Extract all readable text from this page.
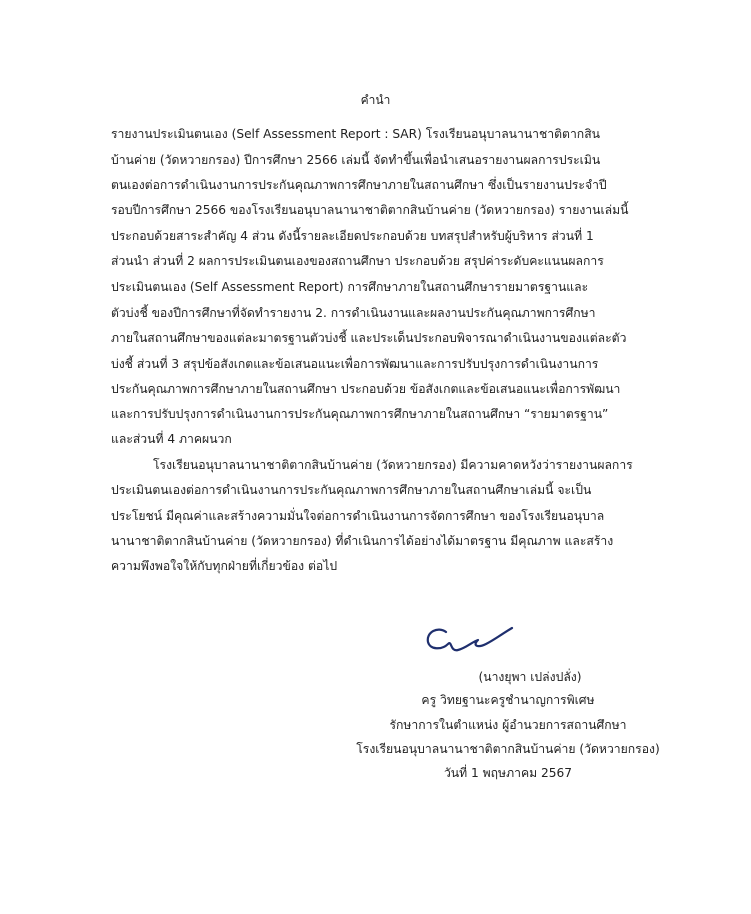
คำนำ
รายงานประเมินตนเอง (Self Assessment Report : SAR) โรงเรียนอนุบาลนานาชาติตากสิน
บ้านค่าย (วัดหวายกรอง) ปีการศึกษา 2566 เล่มนี้ จัดทำขึ้นเพื่อนำเสนอรายงานผลการประเมิน
ตนเองต่อการดำเนินงานการประกันคุณภาพการศึกษาภายในสถานศึกษา ซึ่งเป็นรายงานประจำปี
รอบปีการศึกษา 2566 ของโรงเรียนอนุบาลนานาชาติตากสินบ้านค่าย (วัดหวายกรอง) รายงานเล่มนี้
ประกอบด้วยสาระสำคัญ 4 ส่วน ดังนี้รายละเอียดประกอบด้วย บทสรุปสำหรับผู้บริหาร ส่วนที่ 1
ส่วนนำ ส่วนที่ 2 ผลการประเมินตนเองของสถานศึกษา ประกอบด้วย สรุปค่าระดับคะแนนผลการ
ประเมินตนเอง (Self Assessment Report) การศึกษาภายในสถานศึกษารายมาตรฐานและ
ตัวบ่งชี้ ของปีการศึกษาที่จัดทำรายงาน 2. การดำเนินงานและผลงานประกันคุณภาพการศึกษา
ภายในสถานศึกษาของแต่ละมาตรฐานตัวบ่งชี้ และประเด็นประกอบพิจารณาดำเนินงานของแต่ละตัว
บ่งชี้ ส่วนที่ 3 สรุปข้อสังเกตและข้อเสนอแนะเพื่อการพัฒนาและการปรับปรุงการดำเนินงานการ
ประกันคุณภาพการศึกษาภายในสถานศึกษา ประกอบด้วย ข้อสังเกตและข้อเสนอแนะเพื่อการพัฒนา
และการปรับปรุงการดำเนินงานการประกันคุณภาพการศึกษาภายในสถานศึกษา “รายมาตรฐาน”
และส่วนที่ 4 ภาคผนวก
โรงเรียนอนุบาลนานาชาติตากสินบ้านค่าย (วัดหวายกรอง) มีความคาดหวังว่ารายงานผลการ
ประเมินตนเองต่อการดำเนินงานการประกันคุณภาพการศึกษาภายในสถานศึกษาเล่มนี้ จะเป็น
ประโยชน์ มีคุณค่าและสร้างความมั่นใจต่อการดำเนินงานการจัดการศึกษา ของโรงเรียนอนุบาล
นานาชาติตากสินบ้านค่าย (วัดหวายกรอง) ที่ดำเนินการได้อย่างได้มาตรฐาน มีคุณภาพ และสร้าง
ความพึงพอใจให้กับทุกฝ่ายที่เกี่ยวข้อง ต่อไป
(นางยุพา เปล่งปลั่ง)
ครู วิทยฐานะครูชำนาญการพิเศษ
รักษาการในตำแหน่ง ผู้อำนวยการสถานศึกษา
โรงเรียนอนุบาลนานาชาติตากสินบ้านค่าย (วัดหวายกรอง)
วันที่ 1 พฤษภาคม 2567
